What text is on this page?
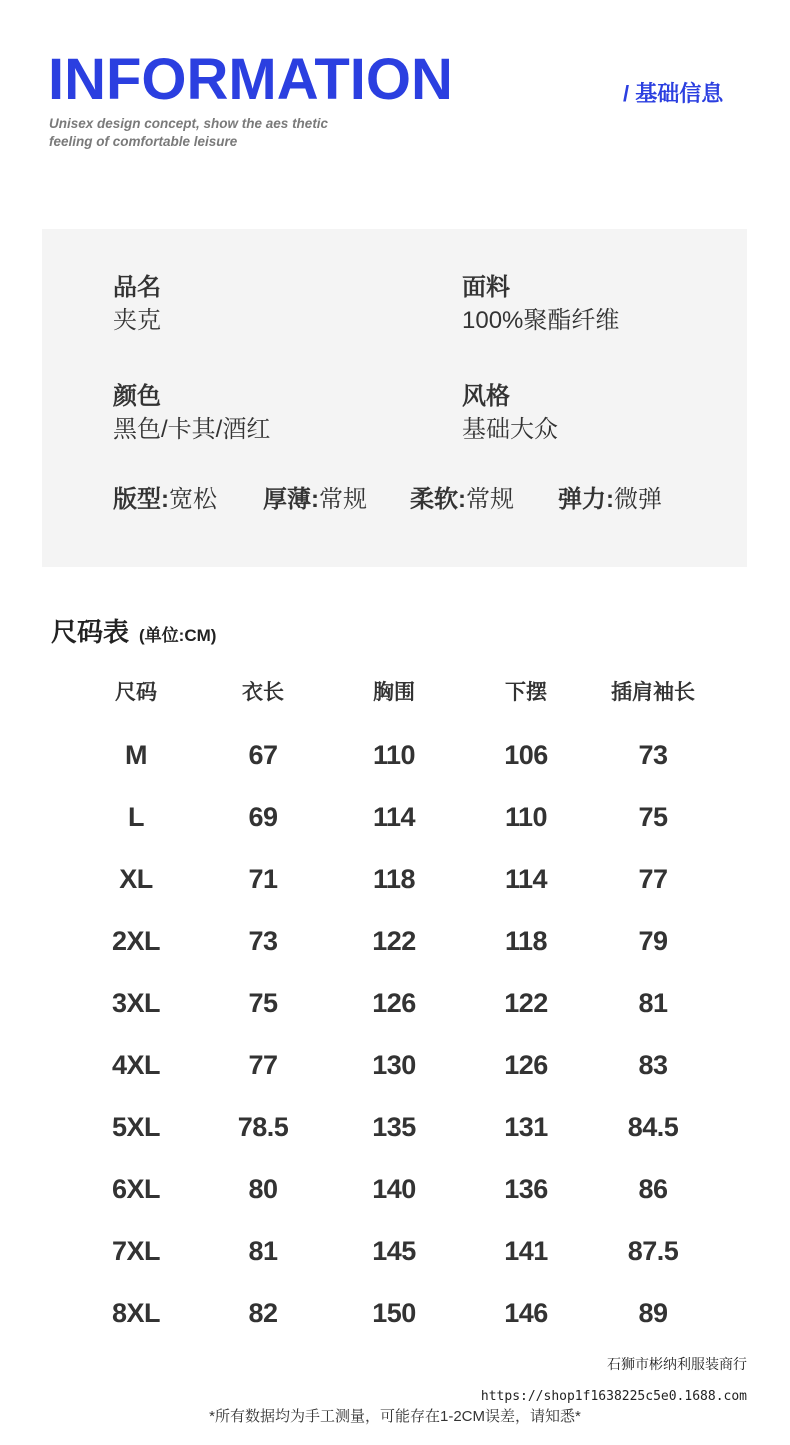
INFORMATION
Unisex design concept, show the aes thetic
feeling of comfortable leisure
/ 基础信息
品名
夹克
面料
100%聚酯纤维
颜色
黑色/卡其/酒红
风格
基础大众
版型:宽松 厚薄:常规 柔软:常规 弹力:微弹
尺码表 (单位:CM)
尺码	衣长	胸围	下摆	插肩袖长
M	67	110	106	73
L	69	114	110	75
XL	71	118	114	77
2XL	73	122	118	79
3XL	75	126	122	81
4XL	77	130	126	83
5XL	78.5	135	131	84.5
6XL	80	140	136	86
7XL	81	145	141	87.5
8XL	82	150	146	89
石狮市彬纳利服装商行
https://shop1f1638225c5e0.1688.com
*所有数据均为手工测量，可能存在1-2CM误差，请知悉*
